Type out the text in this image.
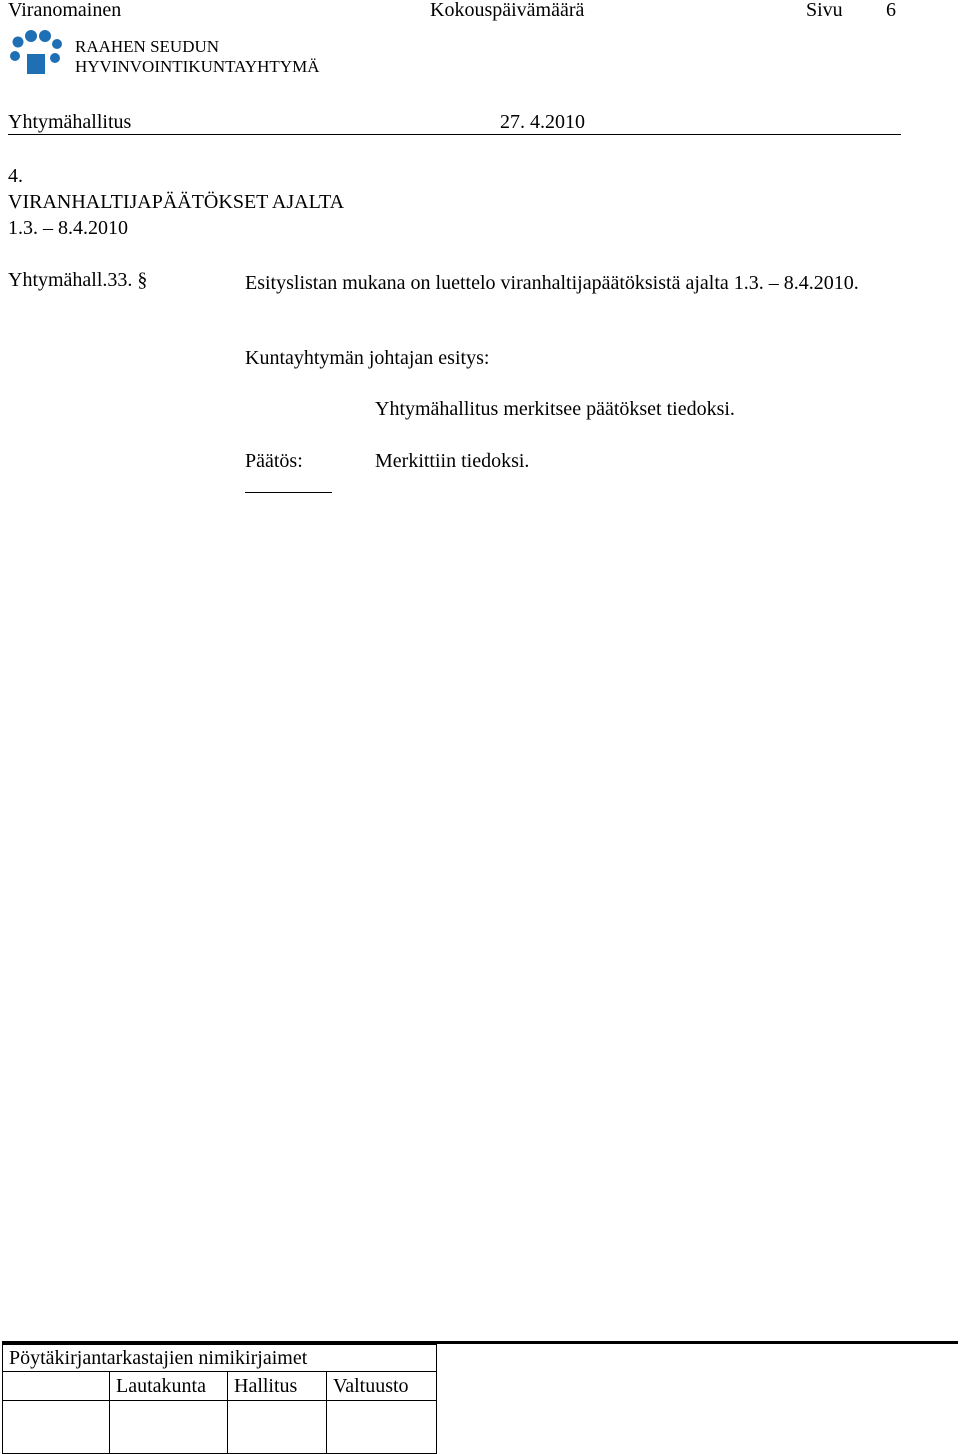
Viranomainen	Kokouspäivämäärä	Sivu 6
RAAHEN SEUDUN
HYVINVOINTIKUNTAYHTYMÄ
Yhtymähallitus	27. 4.2010
4.
VIRANHALTIJAPÄÄTÖKSET AJALTA
1.3. – 8.4.2010
Yhtymähall.33. §	Esityslistan mukana on luettelo viranhaltijapäätöksistä ajalta 1.3. – 8.4.2010.
Kuntayhtymän johtajan esitys:
Yhtymähallitus merkitsee päätökset tiedoksi.
Päätös:	Merkittiin tiedoksi.
Pöytäkirjantarkastajien nimikirjaimet			
	Lautakunta	Hallitus	Valtuusto
